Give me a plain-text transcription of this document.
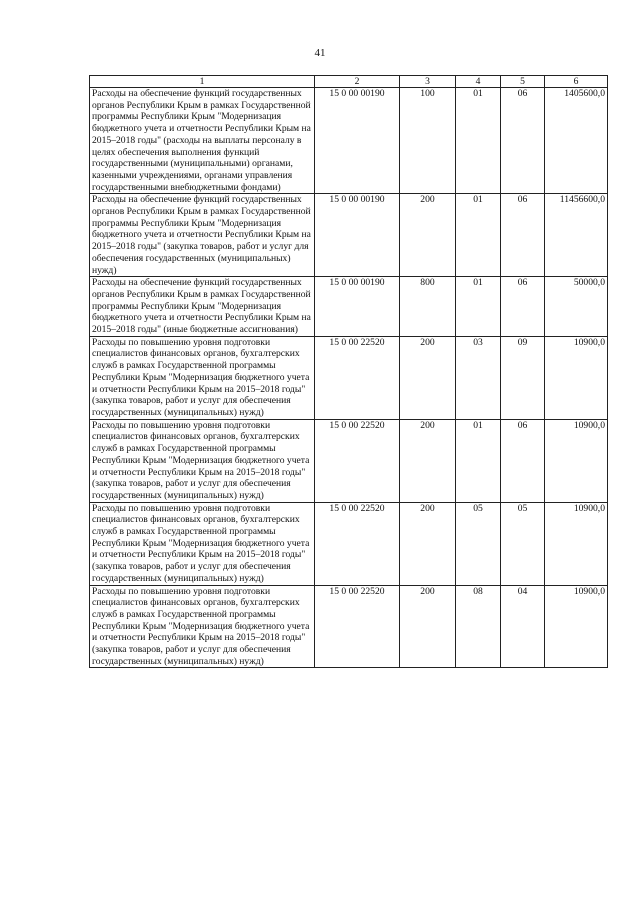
41
1	2	3	4	5	6
Расходы на обеспечение функций государственных органов Республики Крым в рамках Государственной программы Республики Крым "Модернизация бюджетного учета и отчетности Республики Крым на 2015–2018 годы" (расходы на выплаты персоналу в целях обеспечения выполнения функций государственными (муниципальными) органами, казенными учреждениями, органами управления государственными внебюджетными фондами)	15 0 00 00190	100	01	06	1405600,0
Расходы на обеспечение функций государственных органов Республики Крым в рамках Государственной программы Республики Крым "Модернизация бюджетного учета и отчетности Республики Крым на 2015–2018 годы" (закупка товаров, работ и услуг для обеспечения государственных (муниципальных) нужд)	15 0 00 00190	200	01	06	11456600,0
Расходы на обеспечение функций государственных органов Республики Крым в рамках Государственной программы Республики Крым "Модернизация бюджетного учета и отчетности Республики Крым на 2015–2018 годы" (иные бюджетные ассигнования)	15 0 00 00190	800	01	06	50000,0
Расходы по повышению уровня подготовки специалистов финансовых органов, бухгалтерских служб в рамках Государственной программы Республики Крым "Модернизация бюджетного учета и отчетности Республики Крым на 2015–2018 годы" (закупка товаров, работ и услуг для обеспечения государственных (муниципальных) нужд)	15 0 00 22520	200	03	09	10900,0
Расходы по повышению уровня подготовки специалистов финансовых органов, бухгалтерских служб в рамках Государственной программы Республики Крым "Модернизация бюджетного учета и отчетности Республики Крым на 2015–2018 годы" (закупка товаров, работ и услуг для обеспечения государственных (муниципальных) нужд)	15 0 00 22520	200	01	06	10900,0
Расходы по повышению уровня подготовки специалистов финансовых органов, бухгалтерских служб в рамках Государственной программы Республики Крым "Модернизация бюджетного учета и отчетности Республики Крым на 2015–2018 годы" (закупка товаров, работ и услуг для обеспечения государственных (муниципальных) нужд)	15 0 00 22520	200	05	05	10900,0
Расходы по повышению уровня подготовки специалистов финансовых органов, бухгалтерских служб в рамках Государственной программы Республики Крым "Модернизация бюджетного учета и отчетности Республики Крым на 2015–2018 годы" (закупка товаров, работ и услуг для обеспечения государственных (муниципальных) нужд)	15 0 00 22520	200	08	04	10900,0
